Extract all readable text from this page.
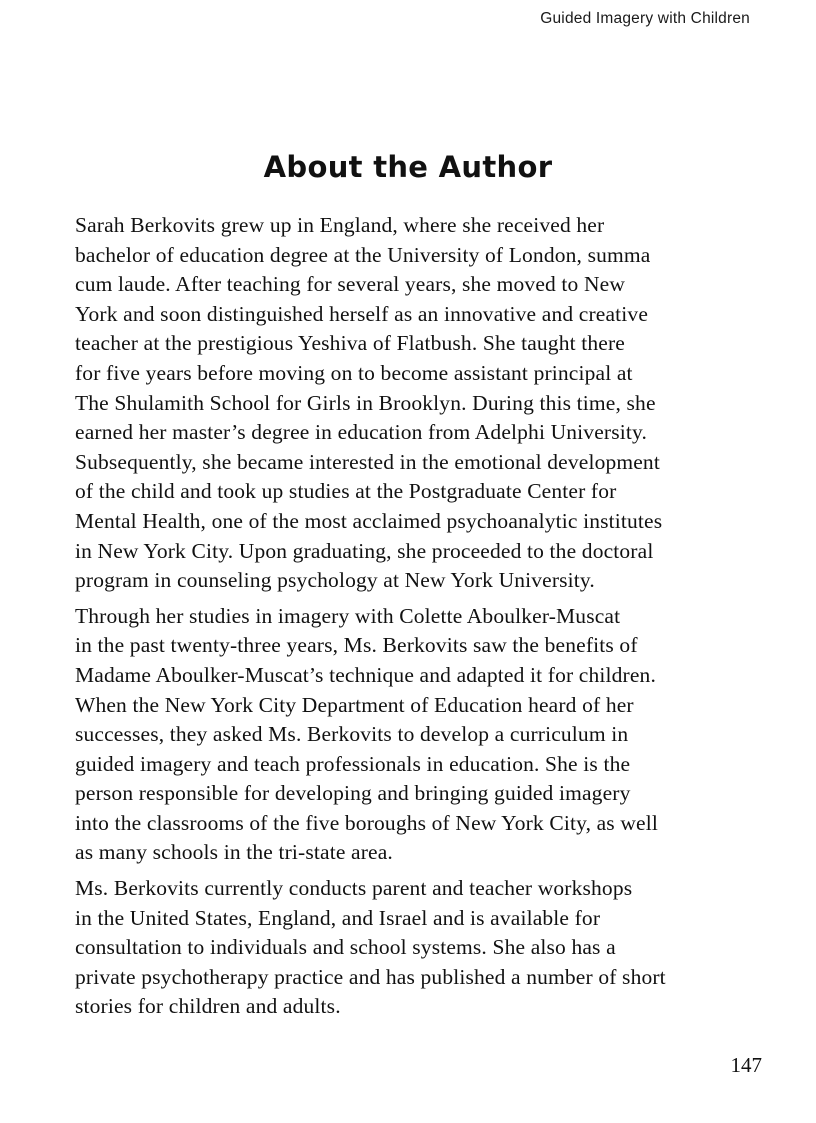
Guided Imagery with Children
About the Author

Sarah Berkovits grew up in England, where she received her
bachelor of education degree at the University of London, summa
cum laude. After teaching for several years, she moved to New
York and soon distinguished herself as an innovative and creative
teacher at the prestigious Yeshiva of Flatbush. She taught there
for five years before moving on to become assistant principal at
The Shulamith School for Girls in Brooklyn. During this time, she
earned her master’s degree in education from Adelphi University.
Subsequently, she became interested in the emotional development
of the child and took up studies at the Postgraduate Center for
Mental Health, one of the most acclaimed psychoanalytic institutes
in New York City. Upon graduating, she proceeded to the doctoral
program in counseling psychology at New York University.

Through her studies in imagery with Colette Aboulker-Muscat
in the past twenty-three years, Ms. Berkovits saw the benefits of
Madame Aboulker-Muscat’s technique and adapted it for children.
When the New York City Department of Education heard of her
successes, they asked Ms. Berkovits to develop a curriculum in
guided imagery and teach professionals in education. She is the
person responsible for developing and bringing guided imagery
into the classrooms of the five boroughs of New York City, as well
as many schools in the tri-state area.

Ms. Berkovits currently conducts parent and teacher workshops
in the United States, England, and Israel and is available for
consultation to individuals and school systems. She also has a
private psychotherapy practice and has published a number of short
stories for children and adults.

147
